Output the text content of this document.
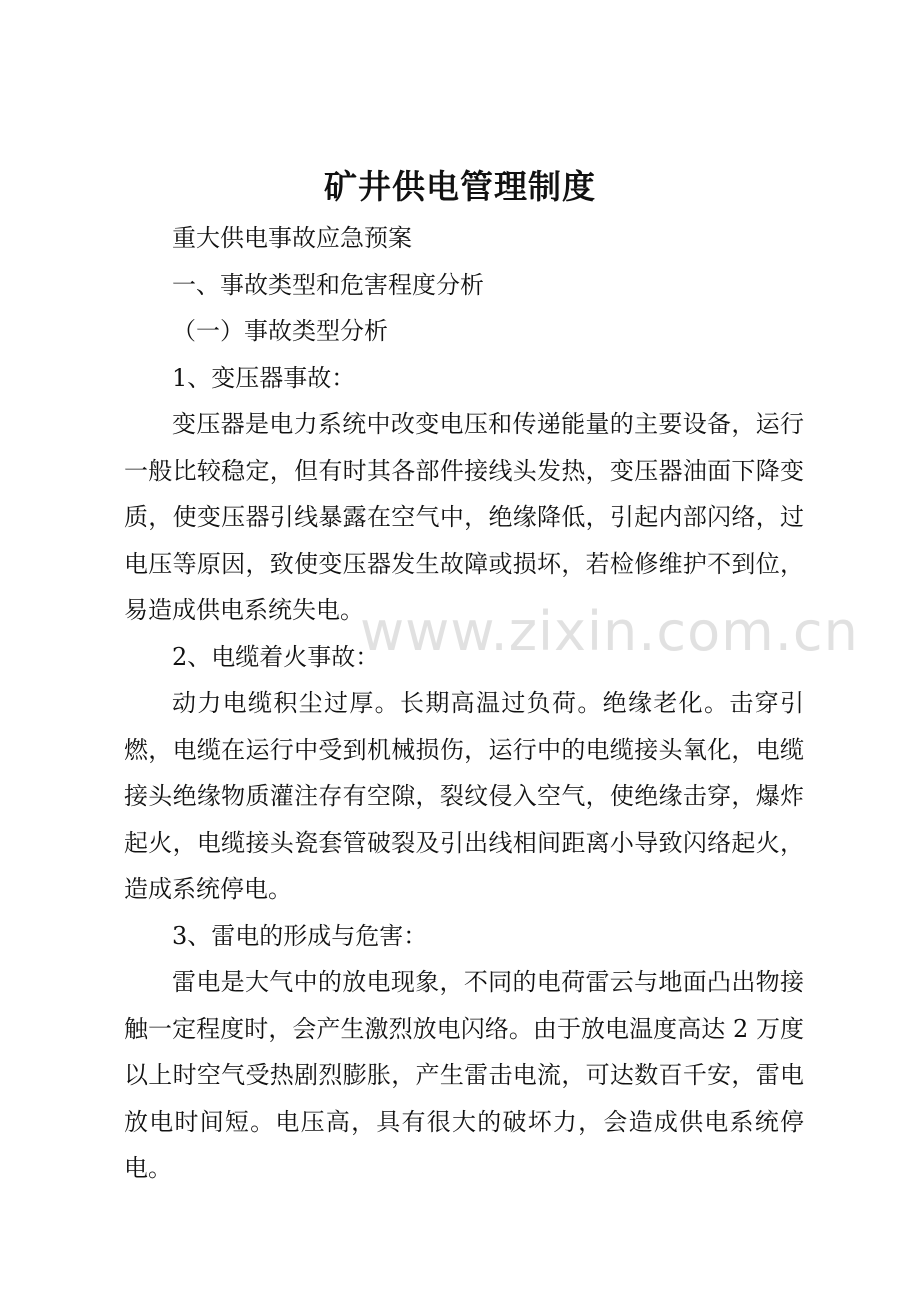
矿井供电管理制度

重大供电事故应急预案

一、事故类型和危害程度分析

（一）事故类型分析

1、变压器事故：

变压器是电力系统中改变电压和传递能量的主要设备，运行一般比较稳定，但有时其各部件接线头发热，变压器油面下降变质，使变压器引线暴露在空气中，绝缘降低，引起内部闪络，过电压等原因，致使变压器发生故障或损坏，若检修维护不到位，易造成供电系统失电。

2、电缆着火事故：

动力电缆积尘过厚。长期高温过负荷。绝缘老化。击穿引燃，电缆在运行中受到机械损伤，运行中的电缆接头氧化，电缆接头绝缘物质灌注存有空隙，裂纹侵入空气，使绝缘击穿，爆炸起火，电缆接头瓷套管破裂及引出线相间距离小导致闪络起火，造成系统停电。

3、雷电的形成与危害：

雷电是大气中的放电现象，不同的电荷雷云与地面凸出物接触一定程度时，会产生激烈放电闪络。由于放电温度高达 2 万度以上时空气受热剧烈膨胀，产生雷击电流，可达数百千安，雷电放电时间短。电压高，具有很大的破坏力，会造成供电系统停电。

www.zixin.com.cn
